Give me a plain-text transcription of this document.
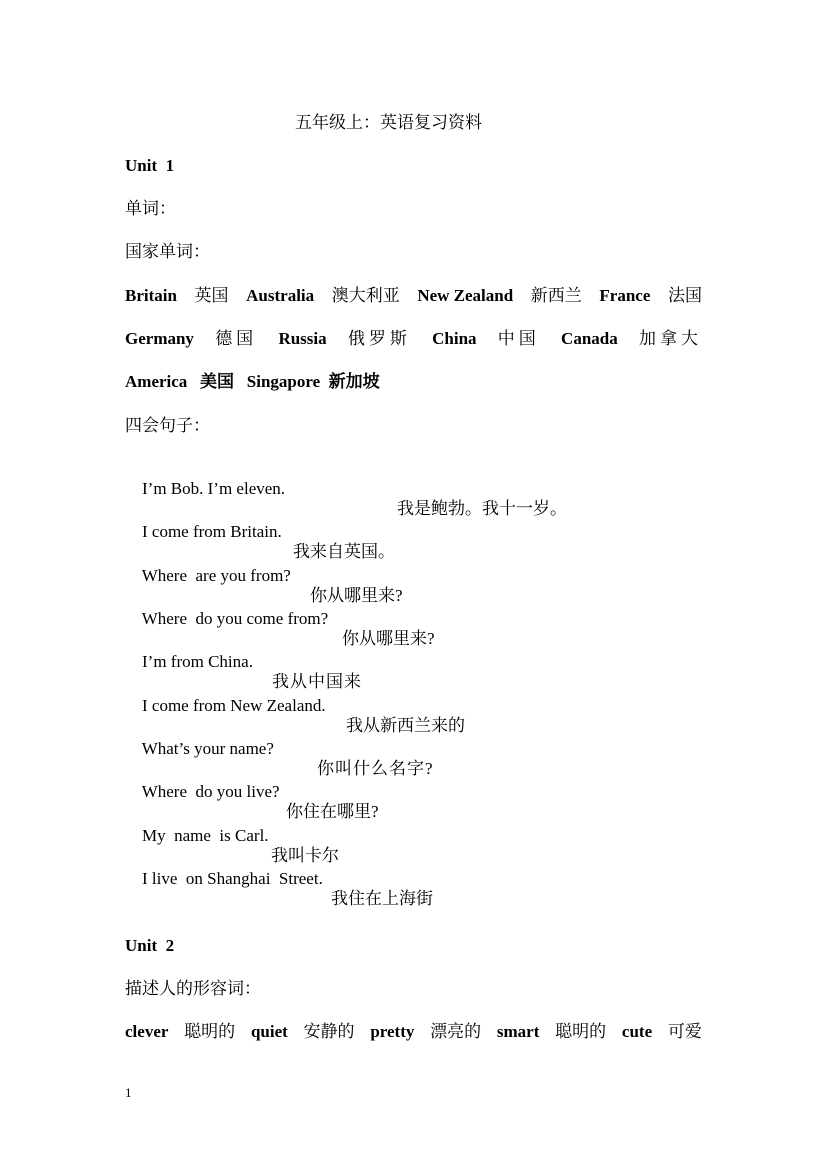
五年级上：英语复习资料
Unit  1
单词：
国家单词：
Britain 英国 Australia 澳大利亚 New Zealand 新西兰 France 法国
Germany 德国 Russia 俄罗斯 China 中国 Canada 加拿大
America   美国   Singapore  新加坡
四会句子：

I’m Bob. I’m eleven.

我是鲍勃。我十一岁。

I come from Britain.

我来自英国。

Where  are you from?

你从哪里来?

Where  do you come from?

你从哪里来?

I’m from China.

我从中国来

I come from New Zealand.

我从新西兰来的

What’s your name?

你叫什么名字?

Where  do you live?

你住在哪里?

My  name  is Carl.

我叫卡尔

I live  on Shanghai  Street.

我住在上海街

Unit  2
描述人的形容词：
clever 聪明的 quiet 安静的 pretty 漂亮的 smart 聪明的 cute 可爱
1
